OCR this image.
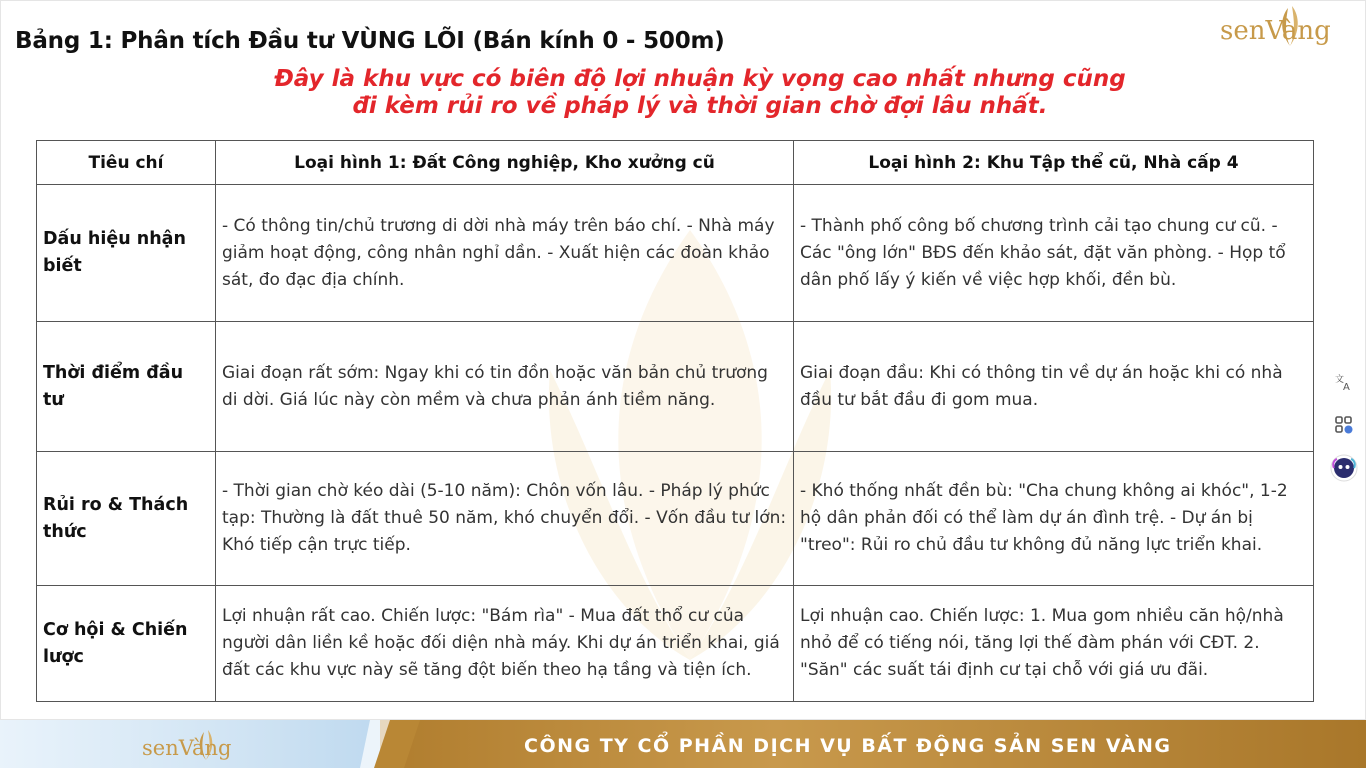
Bảng 1: Phân tích Đầu tư VÙNG LÕI (Bán kính 0 - 500m)
Đây là khu vực có biên độ lợi nhuận kỳ vọng cao nhất nhưng cũng
đi kèm rủi ro về pháp lý và thời gian chờ đợi lâu nhất.
senVàng
Tiêu chí	Loại hình 1: Đất Công nghiệp, Kho xưởng cũ	Loại hình 2: Khu Tập thể cũ, Nhà cấp 4
Dấu hiệu nhận biết	- Có thông tin/chủ trương di dời nhà máy trên báo chí. - Nhà máy giảm hoạt động, công nhân nghỉ dần. - Xuất hiện các đoàn khảo sát, đo đạc địa chính.	- Thành phố công bố chương trình cải tạo chung cư cũ. - Các "ông lớn" BĐS đến khảo sát, đặt văn phòng. - Họp tổ dân phố lấy ý kiến về việc hợp khối, đền bù.
Thời điểm đầu tư	Giai đoạn rất sớm: Ngay khi có tin đồn hoặc văn bản chủ trương di dời. Giá lúc này còn mềm và chưa phản ánh tiềm năng.	Giai đoạn đầu: Khi có thông tin về dự án hoặc khi có nhà đầu tư bắt đầu đi gom mua.
Rủi ro & Thách thức	- Thời gian chờ kéo dài (5-10 năm): Chôn vốn lâu. - Pháp lý phức tạp: Thường là đất thuê 50 năm, khó chuyển đổi. - Vốn đầu tư lớn: Khó tiếp cận trực tiếp.	- Khó thống nhất đền bù: "Cha chung không ai khóc", 1-2 hộ dân phản đối có thể làm dự án đình trệ. - Dự án bị "treo": Rủi ro chủ đầu tư không đủ năng lực triển khai.
Cơ hội & Chiến lược	Lợi nhuận rất cao. Chiến lược: "Bám rìa" - Mua đất thổ cư của người dân liền kề hoặc đối diện nhà máy. Khi dự án triển khai, giá đất các khu vực này sẽ tăng đột biến theo hạ tầng và tiện ích.	Lợi nhuận cao. Chiến lược: 1. Mua gom nhiều căn hộ/nhà nhỏ để có tiếng nói, tăng lợi thế đàm phán với CĐT. 2. "Săn" các suất tái định cư tại chỗ với giá ưu đãi.
文
A
senVàng	CÔNG TY CỔ PHẦN DỊCH VỤ BẤT ĐỘNG SẢN SEN VÀNG
